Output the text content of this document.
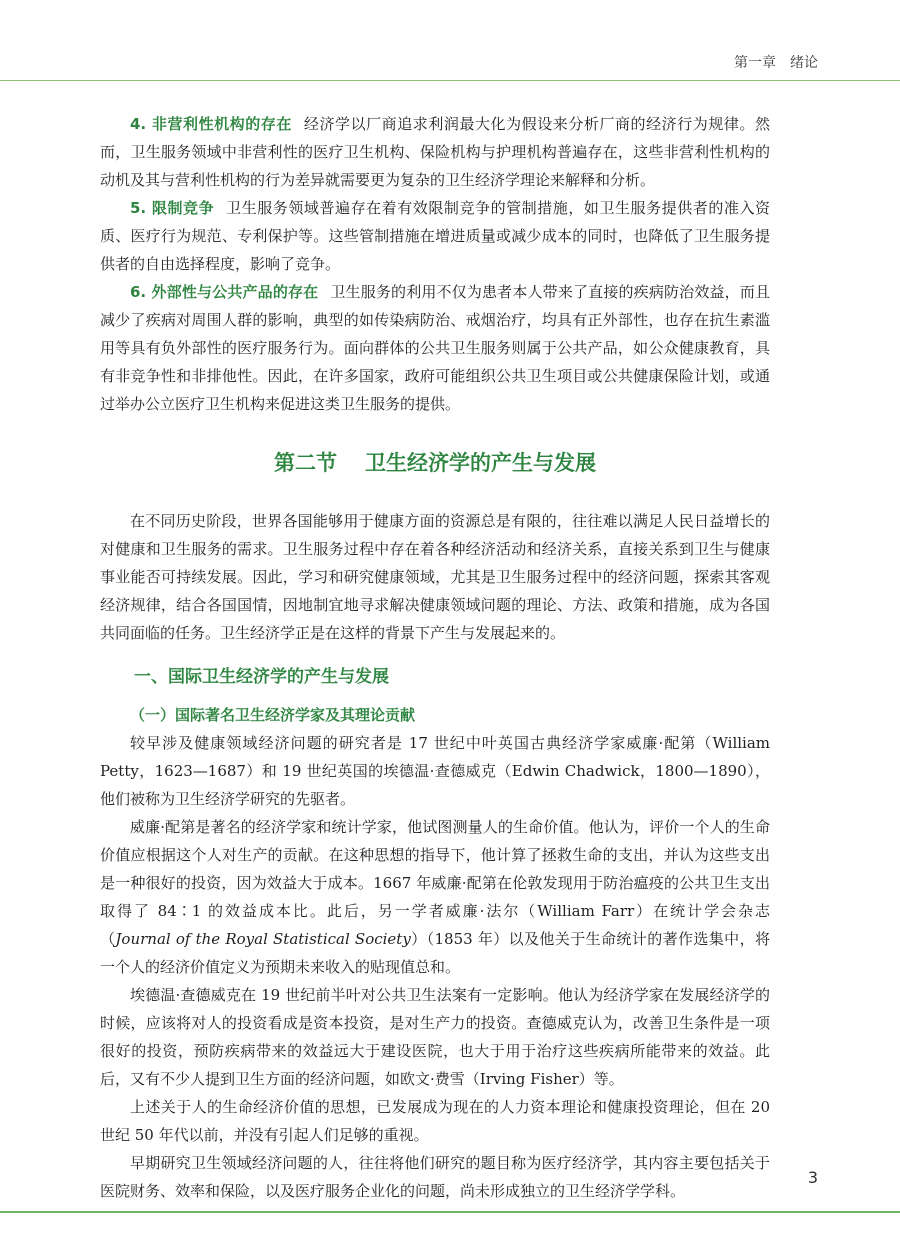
第一章　绪论

4. 非营利性机构的存在 经济学以厂商追求利润最大化为假设来分析厂商的经济行为规律。然而，卫生服务领域中非营利性的医疗卫生机构、保险机构与护理机构普遍存在，这些非营利性机构的动机及其与营利性机构的行为差异就需要更为复杂的卫生经济学理论来解释和分析。

5. 限制竞争 卫生服务领域普遍存在着有效限制竞争的管制措施，如卫生服务提供者的准入资质、医疗行为规范、专利保护等。这些管制措施在增进质量或减少成本的同时，也降低了卫生服务提供者的自由选择程度，影响了竞争。

6. 外部性与公共产品的存在 卫生服务的利用不仅为患者本人带来了直接的疾病防治效益，而且减少了疾病对周围人群的影响，典型的如传染病防治、戒烟治疗，均具有正外部性，也存在抗生素滥用等具有负外部性的医疗服务行为。面向群体的公共卫生服务则属于公共产品，如公众健康教育，具有非竞争性和非排他性。因此，在许多国家，政府可能组织公共卫生项目或公共健康保险计划，或通过举办公立医疗卫生机构来促进这类卫生服务的提供。

第二节 卫生经济学的产生与发展

在不同历史阶段，世界各国能够用于健康方面的资源总是有限的，往往难以满足人民日益增长的对健康和卫生服务的需求。卫生服务过程中存在着各种经济活动和经济关系，直接关系到卫生与健康事业能否可持续发展。因此，学习和研究健康领域，尤其是卫生服务过程中的经济问题，探索其客观经济规律，结合各国国情，因地制宜地寻求解决健康领域问题的理论、方法、政策和措施，成为各国共同面临的任务。卫生经济学正是在这样的背景下产生与发展起来的。

一、国际卫生经济学的产生与发展
（一）国际著名卫生经济学家及其理论贡献

较早涉及健康领域经济问题的研究者是 17 世纪中叶英国古典经济学家威廉·配第（William Petty，1623—1687）和 19 世纪英国的埃德温·查德威克（Edwin Chadwick，1800—1890），他们被称为卫生经济学研究的先驱者。

威廉·配第是著名的经济学家和统计学家，他试图测量人的生命价值。他认为，评价一个人的生命价值应根据这个人对生产的贡献。在这种思想的指导下，他计算了拯救生命的支出，并认为这些支出是一种很好的投资，因为效益大于成本。1667 年威廉·配第在伦敦发现用于防治瘟疫的公共卫生支出取得了 84∶1 的效益成本比。此后，另一学者威廉·法尔（William Farr）在统计学会杂志（Journal of the Royal Statistical Society）（1853 年）以及他关于生命统计的著作选集中，将一个人的经济价值定义为预期未来收入的贴现值总和。

埃德温·查德威克在 19 世纪前半叶对公共卫生法案有一定影响。他认为经济学家在发展经济学的时候，应该将对人的投资看成是资本投资，是对生产力的投资。查德威克认为，改善卫生条件是一项很好的投资，预防疾病带来的效益远大于建设医院，也大于用于治疗这些疾病所能带来的效益。此后，又有不少人提到卫生方面的经济问题，如欧文·费雪（Irving Fisher）等。

上述关于人的生命经济价值的思想，已发展成为现在的人力资本理论和健康投资理论，但在 20 世纪 50 年代以前，并没有引起人们足够的重视。

早期研究卫生领域经济问题的人，往往将他们研究的题目称为医疗经济学，其内容主要包括关于医院财务、效率和保险，以及医疗服务企业化的问题，尚未形成独立的卫生经济学学科。

3
